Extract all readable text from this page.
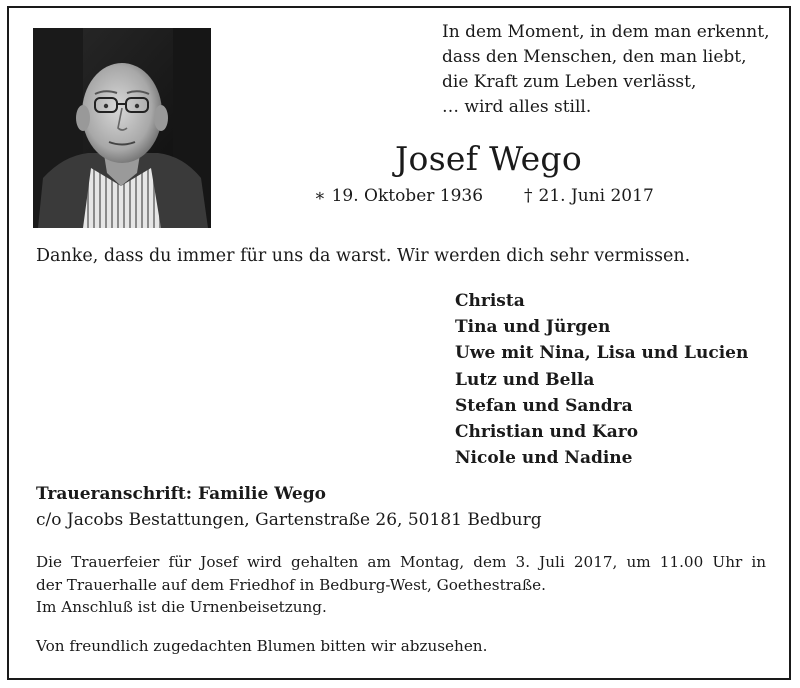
In dem Moment, in dem man erkennt,
dass den Menschen, den man liebt,
die Kraft zum Leben verlässt,
… wird alles still.
Josef Wego
∗ 19. Oktober 1936 † 21. Juni 2017
Danke, dass du immer für uns da warst. Wir werden dich sehr vermissen.
Christa
Tina und Jürgen
Uwe mit Nina, Lisa und Lucien
Lutz und Bella
Stefan und Sandra
Christian und Karo
Nicole und Nadine
Traueranschrift: Familie Wego
c/o Jacobs Bestattungen, Gartenstraße 26, 50181 Bedburg
Die Trauerfeier für Josef wird gehalten am Montag, dem 3. Juli 2017, um 11.00 Uhr in
der Trauerhalle auf dem Friedhof in Bedburg-West, Goethestraße.
Im Anschluß ist die Urnenbeisetzung.
Von freundlich zugedachten Blumen bitten wir abzusehen.
